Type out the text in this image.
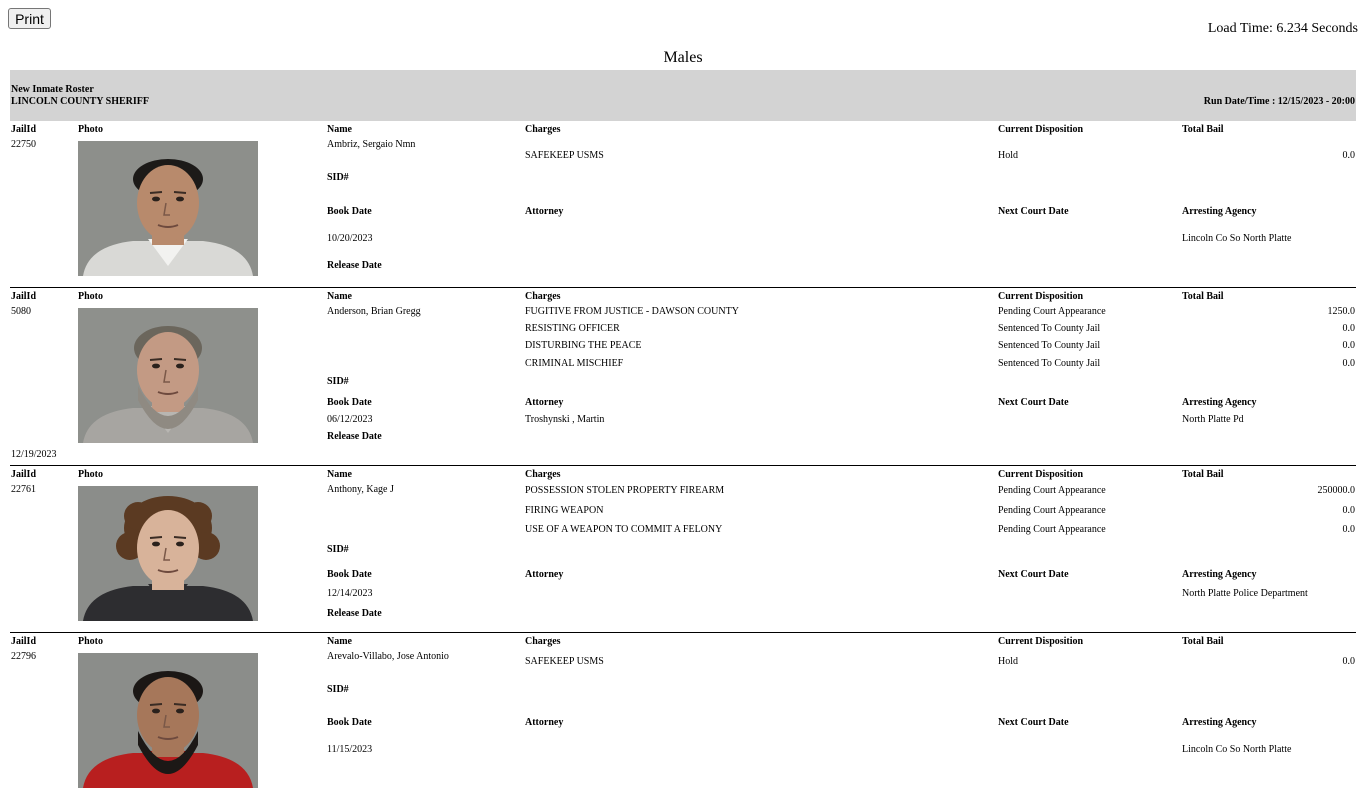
Print
Load Time: 6.234 Seconds
Males
New Inmate Roster
LINCOLN COUNTY SHERIFF	Run Date/Time : 12/15/2023 - 20:00
JailId	Photo	Name	Charges	Current Disposition	Total Bail
22750	Ambriz, Sergaio Nmn
SAFEKEEP USMS	Hold	0.0
SID#
Book Date	Attorney	Next Court Date	Arresting Agency
10/20/2023	Lincoln Co So North Platte
Release Date
JailId	Photo	Name	Charges	Current Disposition	Total Bail
5080	Anderson, Brian Gregg	FUGITIVE FROM JUSTICE - DAWSON COUNTY	Pending Court Appearance	1250.0
RESISTING OFFICER	Sentenced To County Jail	0.0
DISTURBING THE PEACE	Sentenced To County Jail	0.0
CRIMINAL MISCHIEF	Sentenced To County Jail	0.0
SID#
Book Date	Attorney	Next Court Date	Arresting Agency
06/12/2023	Troshynski , Martin	North Platte Pd
Release Date
12/19/2023
JailId	Photo	Name	Charges	Current Disposition	Total Bail
22761	Anthony, Kage J	POSSESSION STOLEN PROPERTY FIREARM	Pending Court Appearance	250000.0
FIRING WEAPON	Pending Court Appearance	0.0
USE OF A WEAPON TO COMMIT A FELONY	Pending Court Appearance	0.0
SID#
Book Date	Attorney	Next Court Date	Arresting Agency
12/14/2023	North Platte Police Department
Release Date
JailId	Photo	Name	Charges	Current Disposition	Total Bail
22796	Arevalo-Villabo, Jose Antonio	SAFEKEEP USMS	Hold	0.0
SID#
Book Date	Attorney	Next Court Date	Arresting Agency
11/15/2023	Lincoln Co So North Platte
